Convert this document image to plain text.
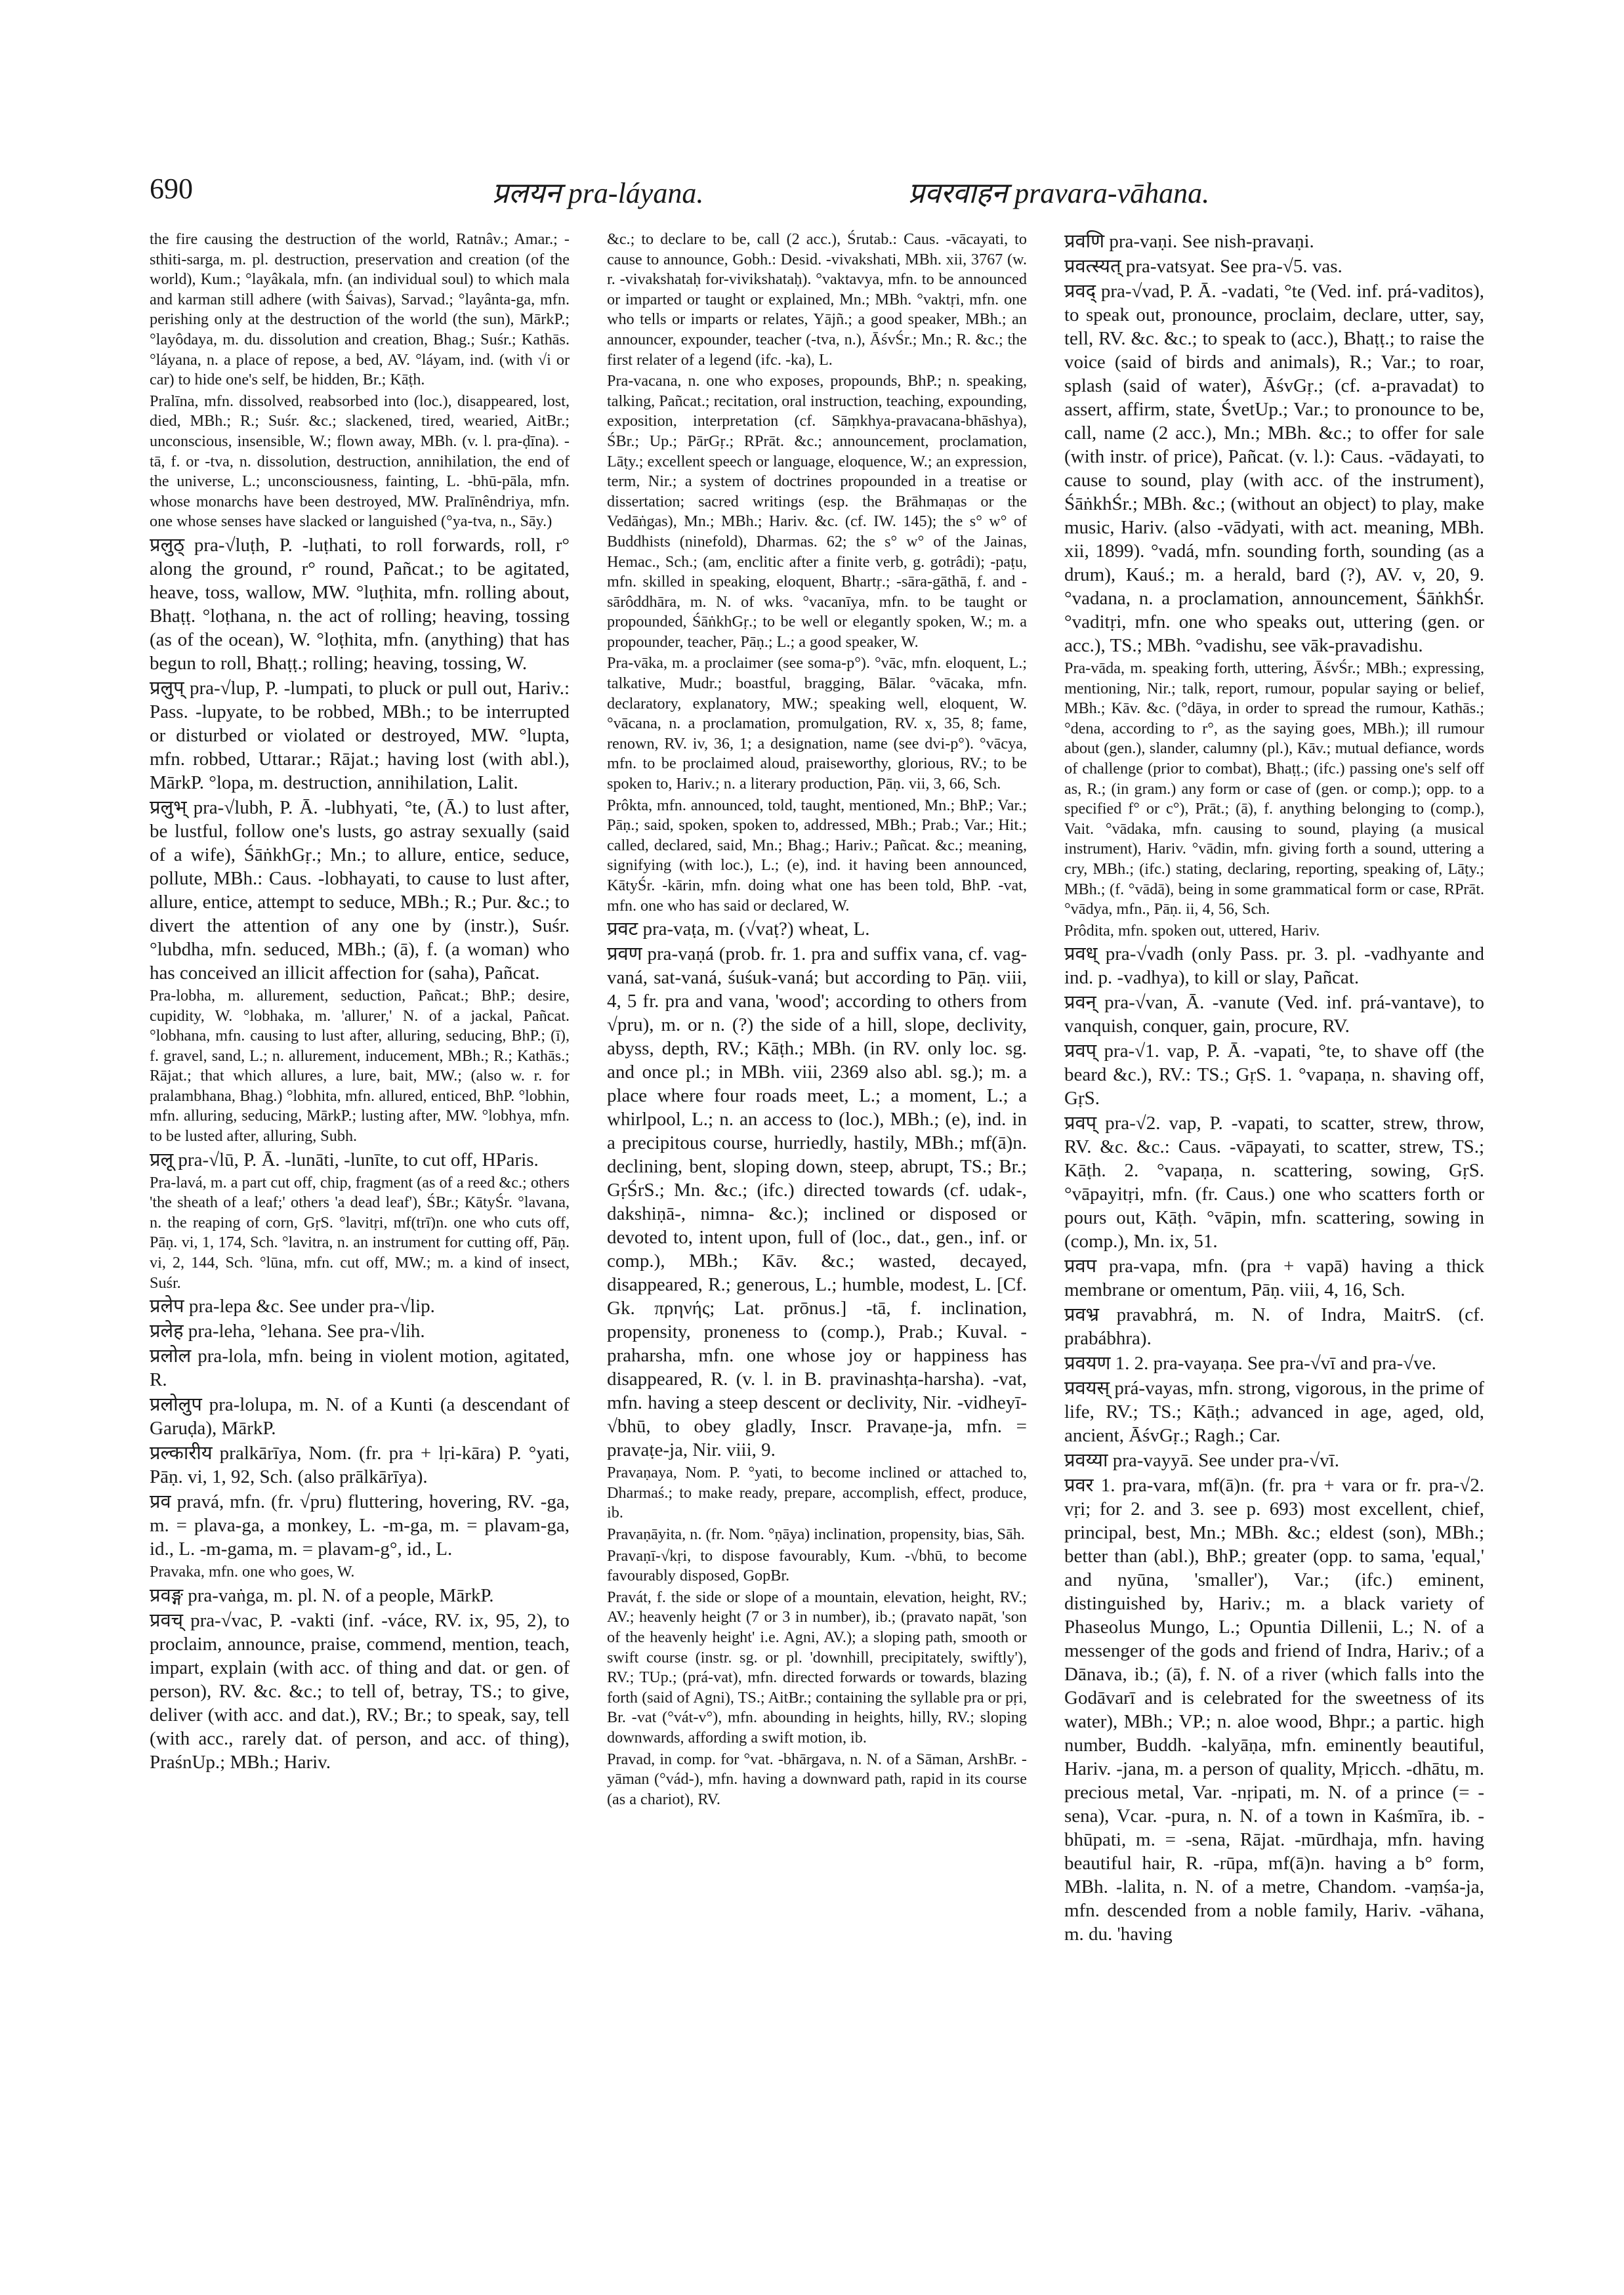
690	प्रलयन pra-láyana.	प्रवरवाहन pravara-vāhana.
the fire causing the destruction of the world, Ratnâv.; Amar.; -sthiti-sarga, m. pl. destruction, preservation and creation (of the world), Kum.; °layâkala, mfn. (an individual soul) to which mala and karman still adhere (with Śaivas), Sarvad.; °layânta-ga, mfn. perishing only at the destruction of the world (the sun), MārkP.; °layôdaya, m. du. dissolution and creation, Bhag.; Suśr.; Kathās. °láyana, n. a place of repose, a bed, AV. °láyam, ind. (with √i or car) to hide one's self, be hidden, Br.; Kāṭh.
Pralīna, mfn. dissolved, reabsorbed into (loc.), disappeared, lost, died, MBh.; R.; Suśr. &c.; slackened, tired, wearied, AitBr.; unconscious, insensible, W.; flown away, MBh. (v. l. pra-ḍīna). -tā, f. or -tva, n. dissolution, destruction, annihilation, the end of the universe, L.; unconsciousness, fainting, L. -bhū-pāla, mfn. whose monarchs have been destroyed, MW. Pralīnêndriya, mfn. one whose senses have slacked or languished (°ya-tva, n., Sāy.)
प्रलुठ् pra-√luṭh, P. -luṭhati, to roll forwards, roll, r° along the ground, r° round, Pañcat.; to be agitated, heave, toss, wallow, MW. °luṭhita, mfn. rolling about, Bhaṭṭ. °loṭhana, n. the act of rolling; heaving, tossing (as of the ocean), W. °loṭhita, mfn. (anything) that has begun to roll, Bhaṭṭ.; rolling; heaving, tossing, W.
प्रलुप् pra-√lup, P. -lumpati, to pluck or pull out, Hariv.: Pass. -lupyate, to be robbed, MBh.; to be interrupted or disturbed or violated or destroyed, MW. °lupta, mfn. robbed, Uttarar.; Rājat.; having lost (with abl.), MārkP. °lopa, m. destruction, annihilation, Lalit.
प्रलुभ् pra-√lubh, P. Ā. -lubhyati, °te, (Ā.) to lust after, be lustful, follow one's lusts, go astray sexually (said of a wife), ŚāṅkhGṛ.; Mn.; to allure, entice, seduce, pollute, MBh.: Caus. -lobhayati, to cause to lust after, allure, entice, attempt to seduce, MBh.; R.; Pur. &c.; to divert the attention of any one by (instr.), Suśr. °lubdha, mfn. seduced, MBh.; (ā), f. (a woman) who has conceived an illicit affection for (saha), Pañcat.
Pra-lobha, m. allurement, seduction, Pañcat.; BhP.; desire, cupidity, W. °lobhaka, m. 'allurer,' N. of a jackal, Pañcat. °lobhana, mfn. causing to lust after, alluring, seducing, BhP.; (ī), f. gravel, sand, L.; n. allurement, inducement, MBh.; R.; Kathās.; Rājat.; that which allures, a lure, bait, MW.; (also w. r. for pralambhana, Bhag.) °lobhita, mfn. allured, enticed, BhP. °lobhin, mfn. alluring, seducing, MārkP.; lusting after, MW. °lobhya, mfn. to be lusted after, alluring, Subh.
प्रलू pra-√lū, P. Ā. -lunāti, -lunīte, to cut off, HParis.
Pra-lavá, m. a part cut off, chip, fragment (as of a reed &c.; others 'the sheath of a leaf;' others 'a dead leaf'), ŚBr.; KātyŚr. °lavana, n. the reaping of corn, GṛS. °lavitṛi, mf(trī)n. one who cuts off, Pāṇ. vi, 1, 174, Sch. °lavitra, n. an instrument for cutting off, Pāṇ. vi, 2, 144, Sch. °lūna, mfn. cut off, MW.; m. a kind of insect, Suśr.
प्रलेप pra-lepa &c. See under pra-√lip.
प्रलेह pra-leha, °lehana. See pra-√lih.
प्रलोल pra-lola, mfn. being in violent motion, agitated, R.
प्रलोलुप pra-lolupa, m. N. of a Kunti (a descendant of Garuḍa), MārkP.
प्रल्कारीय pralkārīya, Nom. (fr. pra + lṛi-kāra) P. °yati, Pāṇ. vi, 1, 92, Sch. (also prālkārīya).
प्रव pravá, mfn. (fr. √pru) fluttering, hovering, RV. -ga, m. = plava-ga, a monkey, L. -m-ga, m. = plavam-ga, id., L. -m-gama, m. = plavam-g°, id., L.
Pravaka, mfn. one who goes, W.
प्रवङ्ग pra-vaṅga, m. pl. N. of a people, MārkP.
प्रवच् pra-√vac, P. -vakti (inf. -váce, RV. ix, 95, 2), to proclaim, announce, praise, commend, mention, teach, impart, explain (with acc. of thing and dat. or gen. of person), RV. &c. &c.; to tell of, betray, TS.; to give, deliver (with acc. and dat.), RV.; Br.; to speak, say, tell (with acc., rarely dat. of person, and acc. of thing), PraśnUp.; MBh.; Hariv.
&c.; to declare to be, call (2 acc.), Śrutab.: Caus. -vācayati, to cause to announce, Gobh.: Desid. -vivakshati, MBh. xii, 3767 (w. r. -vivakshataḥ for-vivikshataḥ). °vaktavya, mfn. to be announced or imparted or taught or explained, Mn.; MBh. °vaktṛi, mfn. one who tells or imparts or relates, Yājñ.; a good speaker, MBh.; an announcer, expounder, teacher (-tva, n.), ĀśvŚr.; Mn.; R. &c.; the first relater of a legend (ifc. -ka), L.
Pra-vacana, n. one who exposes, propounds, BhP.; n. speaking, talking, Pañcat.; recitation, oral instruction, teaching, expounding, exposition, interpretation (cf. Sāṃkhya-pravacana-bhāshya), ŚBr.; Up.; PārGṛ.; RPrāt. &c.; announcement, proclamation, Lāṭy.; excellent speech or language, eloquence, W.; an expression, term, Nir.; a system of doctrines propounded in a treatise or dissertation; sacred writings (esp. the Brāhmaṇas or the Vedāṅgas), Mn.; MBh.; Hariv. &c. (cf. IW. 145); the s° w° of Buddhists (ninefold), Dharmas. 62; the s° w° of the Jainas, Hemac., Sch.; (am, enclitic after a finite verb, g. gotrâdi); -paṭu, mfn. skilled in speaking, eloquent, Bhartṛ.; -sāra-gāthā, f. and -sārôddhāra, m. N. of wks. °vacanīya, mfn. to be taught or propounded, ŚāṅkhGṛ.; to be well or elegantly spoken, W.; m. a propounder, teacher, Pāṇ.; L.; a good speaker, W.
Pra-vāka, m. a proclaimer (see soma-p°). °vāc, mfn. eloquent, L.; talkative, Mudr.; boastful, bragging, Bālar. °vācaka, mfn. declaratory, explanatory, MW.; speaking well, eloquent, W. °vācana, n. a proclamation, promulgation, RV. x, 35, 8; fame, renown, RV. iv, 36, 1; a designation, name (see dvi-p°). °vācya, mfn. to be proclaimed aloud, praiseworthy, glorious, RV.; to be spoken to, Hariv.; n. a literary production, Pāṇ. vii, 3, 66, Sch.
Prôkta, mfn. announced, told, taught, mentioned, Mn.; BhP.; Var.; Pāṇ.; said, spoken, spoken to, addressed, MBh.; Prab.; Var.; Hit.; called, declared, said, Mn.; Bhag.; Hariv.; Pañcat. &c.; meaning, signifying (with loc.), L.; (e), ind. it having been announced, KātyŚr. -kārin, mfn. doing what one has been told, BhP. -vat, mfn. one who has said or declared, W.
प्रवट pra-vaṭa, m. (√vaṭ?) wheat, L.
प्रवण pra-vaṇá (prob. fr. 1. pra and suffix vana, cf. vag-vaná, sat-vaná, śuśuk-vaná; but according to Pāṇ. viii, 4, 5 fr. pra and vana, 'wood'; according to others from √pru), m. or n. (?) the side of a hill, slope, declivity, abyss, depth, RV.; Kāṭh.; MBh. (in RV. only loc. sg. and once pl.; in MBh. viii, 2369 also abl. sg.); m. a place where four roads meet, L.; a moment, L.; a whirlpool, L.; n. an access to (loc.), MBh.; (e), ind. in a precipitous course, hurriedly, hastily, MBh.; mf(ā)n. declining, bent, sloping down, steep, abrupt, TS.; Br.; GṛŚrS.; Mn. &c.; (ifc.) directed towards (cf. udak-, dakshiṇā-, nimna- &c.); inclined or disposed or devoted to, intent upon, full of (loc., dat., gen., inf. or comp.), MBh.; Kāv. &c.; wasted, decayed, disappeared, R.; generous, L.; humble, modest, L. [Cf. Gk. πρηνής; Lat. prōnus.] -tā, f. inclination, propensity, proneness to (comp.), Prab.; Kuval. -praharsha, mfn. one whose joy or happiness has disappeared, R. (v. l. in B. pravinashṭa-harsha). -vat, mfn. having a steep descent or declivity, Nir. -vidheyī-√bhū, to obey gladly, Inscr. Pravaṇe-ja, mfn. = pravaṭe-ja, Nir. viii, 9.
Pravaṇaya, Nom. P. °yati, to become inclined or attached to, Dharmaś.; to make ready, prepare, accomplish, effect, produce, ib.
Pravaṇāyita, n. (fr. Nom. °ṇāya) inclination, propensity, bias, Sāh.
Pravaṇī-√kṛi, to dispose favourably, Kum. -√bhū, to become favourably disposed, GopBr.
Pravát, f. the side or slope of a mountain, elevation, height, RV.; AV.; heavenly height (7 or 3 in number), ib.; (pravato napāt, 'son of the heavenly height' i.e. Agni, AV.); a sloping path, smooth or swift course (instr. sg. or pl. 'downhill, precipitately, swiftly'), RV.; TUp.; (prá-vat), mfn. directed forwards or towards, blazing forth (said of Agni), TS.; AitBr.; containing the syllable pra or pṛi, Br. -vat (°vát-v°), mfn. abounding in heights, hilly, RV.; sloping downwards, affording a swift motion, ib.
Pravad, in comp. for °vat. -bhārgava, n. N. of a Sāman, ArshBr. -yāman (°vád-), mfn. having a downward path, rapid in its course (as a chariot), RV.
प्रवणि pra-vaṇi. See nish-pravaṇi.
प्रवत्स्यत् pra-vatsyat. See pra-√5. vas.
प्रवद् pra-√vad, P. Ā. -vadati, °te (Ved. inf. prá-vaditos), to speak out, pronounce, proclaim, declare, utter, say, tell, RV. &c. &c.; to speak to (acc.), Bhaṭṭ.; to raise the voice (said of birds and animals), R.; Var.; to roar, splash (said of water), ĀśvGṛ.; (cf. a-pravadat) to assert, affirm, state, ŚvetUp.; Var.; to pronounce to be, call, name (2 acc.), Mn.; MBh. &c.; to offer for sale (with instr. of price), Pañcat. (v. l.): Caus. -vādayati, to cause to sound, play (with acc. of the instrument), ŚāṅkhŚr.; MBh. &c.; (without an object) to play, make music, Hariv. (also -vādyati, with act. meaning, MBh. xii, 1899). °vadá, mfn. sounding forth, sounding (as a drum), Kauś.; m. a herald, bard (?), AV. v, 20, 9. °vadana, n. a proclamation, announcement, ŚāṅkhŚr. °vaditṛi, mfn. one who speaks out, uttering (gen. or acc.), TS.; MBh. °vadishu, see vāk-pravadishu.
Pra-vāda, m. speaking forth, uttering, ĀśvŚr.; MBh.; expressing, mentioning, Nir.; talk, report, rumour, popular saying or belief, MBh.; Kāv. &c. (°dāya, in order to spread the rumour, Kathās.; °dena, according to r°, as the saying goes, MBh.); ill rumour about (gen.), slander, calumny (pl.), Kāv.; mutual defiance, words of challenge (prior to combat), Bhaṭṭ.; (ifc.) passing one's self off as, R.; (in gram.) any form or case of (gen. or comp.); opp. to a specified f° or c°), Prāt.; (ā), f. anything belonging to (comp.), Vait. °vādaka, mfn. causing to sound, playing (a musical instrument), Hariv. °vādin, mfn. giving forth a sound, uttering a cry, MBh.; (ifc.) stating, declaring, reporting, speaking of, Lāṭy.; MBh.; (f. °vādā), being in some grammatical form or case, RPrāt. °vādya, mfn., Pāṇ. ii, 4, 56, Sch.
Prôdita, mfn. spoken out, uttered, Hariv.
प्रवध् pra-√vadh (only Pass. pr. 3. pl. -vadhyante and ind. p. -vadhya), to kill or slay, Pañcat.
प्रवन् pra-√van, Ā. -vanute (Ved. inf. prá-vantave), to vanquish, conquer, gain, procure, RV.
प्रवप् pra-√1. vap, P. Ā. -vapati, °te, to shave off (the beard &c.), RV.: TS.; GṛS. 1. °vapaṇa, n. shaving off, GṛS.
प्रवप् pra-√2. vap, P. -vapati, to scatter, strew, throw, RV. &c. &c.: Caus. -vāpayati, to scatter, strew, TS.; Kāṭh. 2. °vapaṇa, n. scattering, sowing, GṛS. °vāpayitṛi, mfn. (fr. Caus.) one who scatters forth or pours out, Kāṭh. °vāpin, mfn. scattering, sowing in (comp.), Mn. ix, 51.
प्रवप pra-vapa, mfn. (pra + vapā) having a thick membrane or omentum, Pāṇ. viii, 4, 16, Sch.
प्रवभ्र pravabhrá, m. N. of Indra, MaitrS. (cf. prabábhra).
प्रवयण 1. 2. pra-vayaṇa. See pra-√vī and pra-√ve.
प्रवयस् prá-vayas, mfn. strong, vigorous, in the prime of life, RV.; TS.; Kāṭh.; advanced in age, aged, old, ancient, ĀśvGṛ.; Ragh.; Car.
प्रवय्या pra-vayyā. See under pra-√vī.
प्रवर 1. pra-vara, mf(ā)n. (fr. pra + vara or fr. pra-√2. vṛi; for 2. and 3. see p. 693) most excellent, chief, principal, best, Mn.; MBh. &c.; eldest (son), MBh.; better than (abl.), BhP.; greater (opp. to sama, 'equal,' and nyūna, 'smaller'), Var.; (ifc.) eminent, distinguished by, Hariv.; m. a black variety of Phaseolus Mungo, L.; Opuntia Dillenii, L.; N. of a messenger of the gods and friend of Indra, Hariv.; of a Dānava, ib.; (ā), f. N. of a river (which falls into the Godāvarī and is celebrated for the sweetness of its water), MBh.; VP.; n. aloe wood, Bhpr.; a partic. high number, Buddh. -kalyāṇa, mfn. eminently beautiful, Hariv. -jana, m. a person of quality, Mṛicch. -dhātu, m. precious metal, Var. -nṛipati, m. N. of a prince (= -sena), Vcar. -pura, n. N. of a town in Kaśmīra, ib. -bhūpati, m. = -sena, Rājat. -mūrdhaja, mfn. having beautiful hair, R. -rūpa, mf(ā)n. having a b° form, MBh. -lalita, n. N. of a metre, Chandom. -vaṃśa-ja, mfn. descended from a noble family, Hariv. -vāhana, m. du. 'having
